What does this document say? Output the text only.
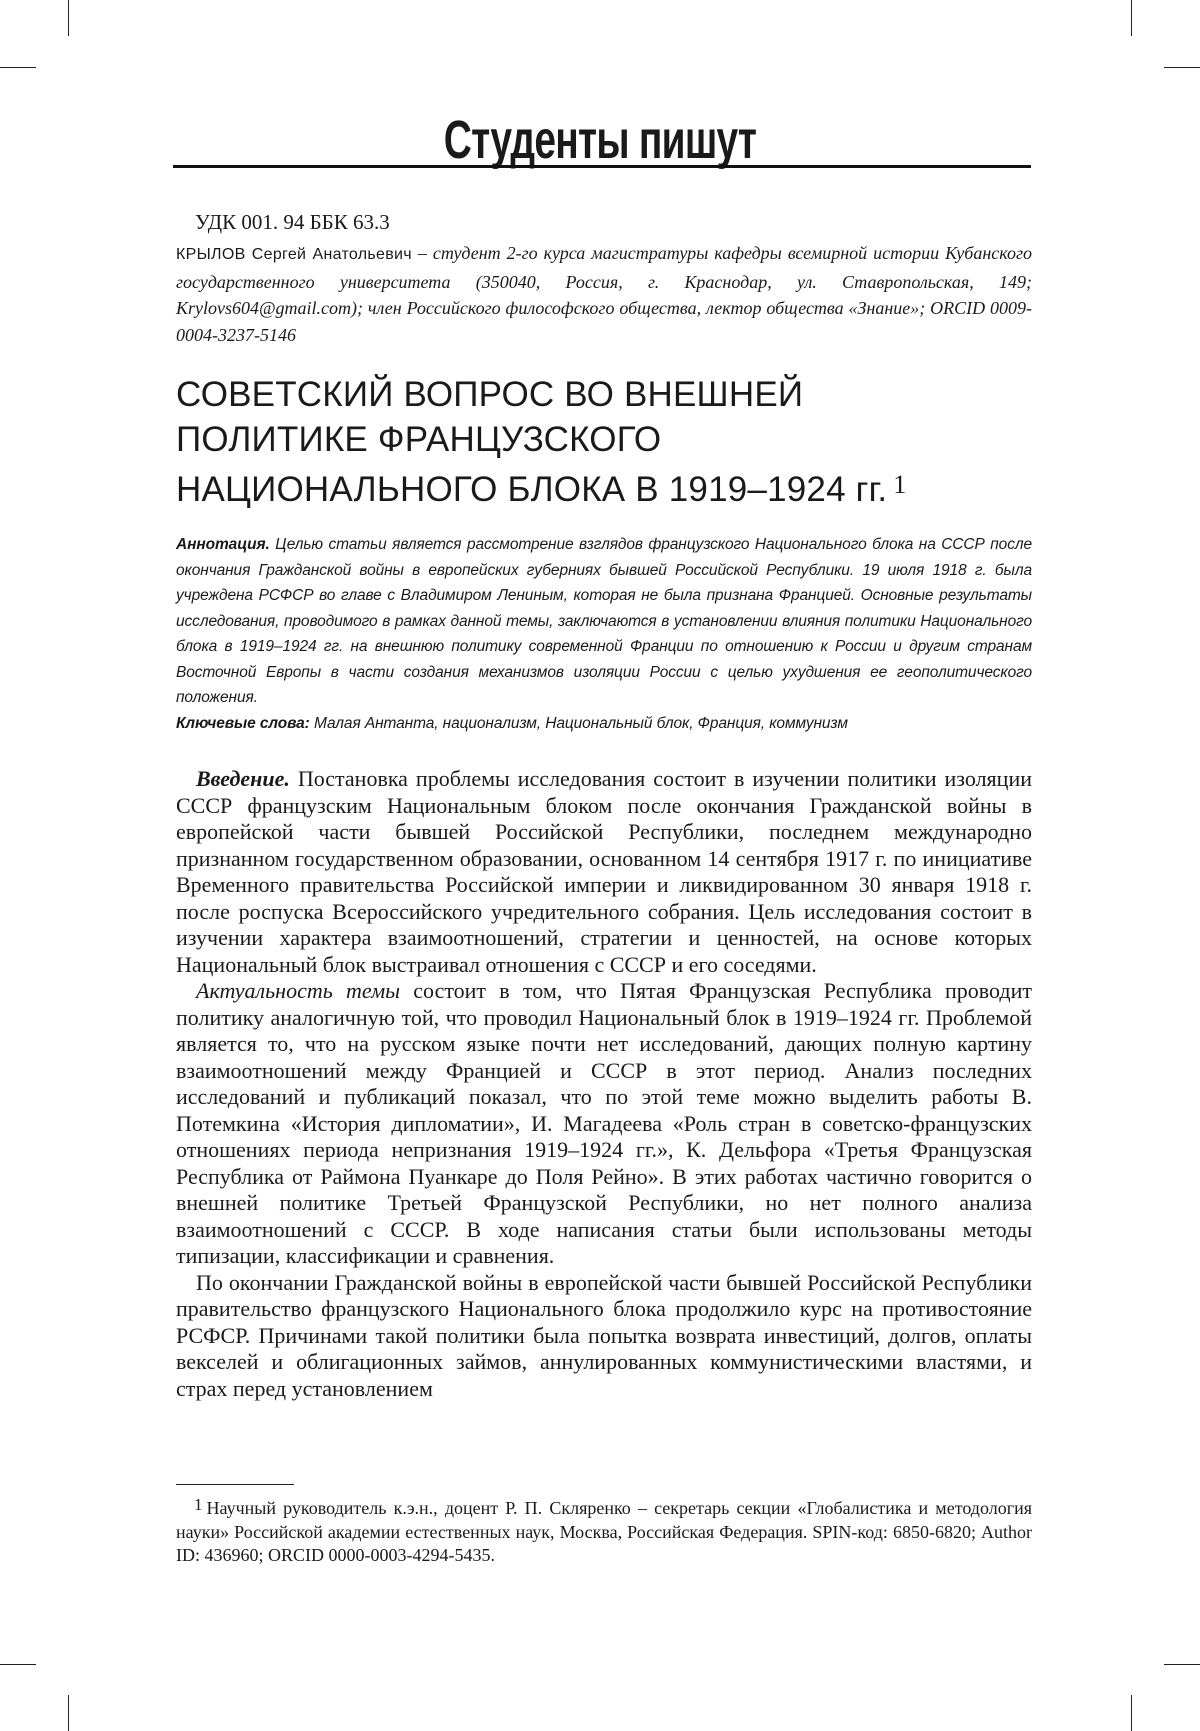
Студенты пишут
УДК 001. 94 ББК 63.3
КРЫЛОВ Сергей Анатольевич – студент 2-го курса магистратуры кафедры всемирной истории Кубанского государственного университета (350040, Россия, г. Краснодар, ул. Ставропольская, 149; Krylovs604@gmail.com); член Российского философского общества, лектор общества «Знание»; ORCID 0009-0004-3237-5146
СОВЕТСКИЙ ВОПРОС ВО ВНЕШНЕЙ
ПОЛИТИКЕ ФРАНЦУЗСКОГО
НАЦИОНАЛЬНОГО БЛОКА В 1919–1924 гг. 1
Аннотация. Целью статьи является рассмотрение взглядов французского Национального блока на СССР после окончания Гражданской войны в европейских губерниях бывшей Российской Республики. 19 июля 1918 г. была учреждена РСФСР во главе с Владимиром Лениным, которая не была признана Францией. Основные результаты исследования, проводимого в рамках данной темы, заключаются в установлении влияния политики Национального блока в 1919–1924 гг. на внешнюю политику современной Франции по отношению к России и другим странам Восточной Европы в части создания механизмов изоляции России с целью ухудшения ее геополитического положения.
Ключевые слова: Малая Антанта, национализм, Национальный блок, Франция, коммунизм

Введение. Постановка проблемы исследования состоит в изучении политики изоляции СССР французским Национальным блоком после окончания Гражданской войны в европейской части бывшей Российской Республики, последнем международно признанном государственном образовании, основанном 14 сентября 1917 г. по инициативе Временного правительства Российской империи и ликвидированном 30 января 1918 г. после роспуска Всероссийского учредительного собрания. Цель исследования состоит в изучении характера взаимоотношений, стратегии и ценностей, на основе которых Национальный блок выстраивал отношения с СССР и его соседями.

Актуальность темы состоит в том, что Пятая Французская Республика проводит политику аналогичную той, что проводил Национальный блок в 1919–1924 гг. Проблемой является то, что на русском языке почти нет исследований, дающих полную картину взаимоотношений между Францией и СССР в этот период. Анализ последних исследований и публикаций показал, что по этой теме можно выделить работы В. Потемкина «История дипломатии», И. Магадеева «Роль стран в советско-французских отношениях периода непризнания 1919–1924 гг.», К. Дельфора «Третья Французская Республика от Раймона Пуанкаре до Поля Рейно». В этих работах частично говорится о внешней политике Третьей Французской Республики, но нет полного анализа взаимоотношений с СССР. В ходе написания статьи были использованы методы типизации, классификации и сравнения.

По окончании Гражданской войны в европейской части бывшей Российской Республики правительство французского Национального блока продолжило курс на противостояние РСФСР. Причинами такой политики была попытка возврата инвестиций, долгов, оплаты векселей и облигационных займов, аннулированных коммунистическими властями, и страх перед установлением

1 Научный руководитель к.э.н., доцент Р. П. Скляренко – секретарь секции «Глобалистика и методология науки» Российской академии естественных наук, Москва, Российская Федерация. SPIN-код: 6850-6820; Author ID: 436960; ORCID 0000-0003-4294-5435.
